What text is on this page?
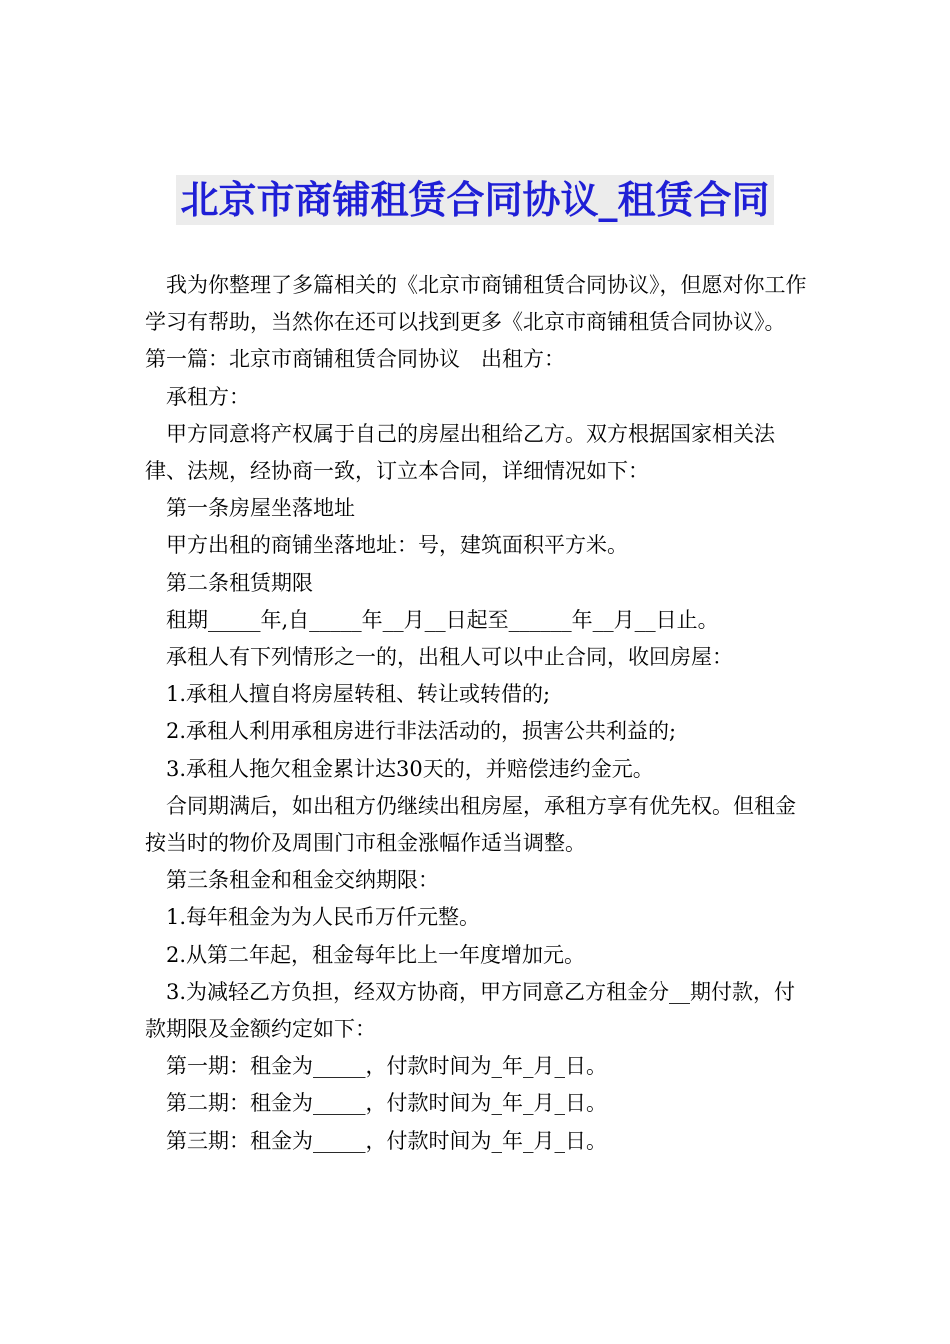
北京市商铺租赁合同协议_租赁合同

我为你整理了多篇相关的《北京市商铺租赁合同协议》，但愿对你工作学习有帮助，当然你在还可以找到更多《北京市商铺租赁合同协议》。

第一篇：北京市商铺租赁合同协议　出租方：

承租方：

甲方同意将产权属于自己的房屋出租给乙方。双方根据国家相关法律、法规，经协商一致，订立本合同，详细情况如下：

第一条房屋坐落地址

甲方出租的商铺坐落地址：号，建筑面积平方米。

第二条租赁期限

租期_____年,自_____年__月__日起至______年__月__日止。

承租人有下列情形之一的，出租人可以中止合同，收回房屋：

1.承租人擅自将房屋转租、转让或转借的;

2.承租人利用承租房进行非法活动的，损害公共利益的;

3.承租人拖欠租金累计达30天的，并赔偿违约金元。

合同期满后，如出租方仍继续出租房屋，承租方享有优先权。但租金按当时的物价及周围门市租金涨幅作适当调整。

第三条租金和租金交纳期限：

1.每年租金为为人民币万仟元整。

2.从第二年起，租金每年比上一年度增加元。

3.为减轻乙方负担，经双方协商，甲方同意乙方租金分__期付款，付款期限及金额约定如下：

第一期：租金为_____，付款时间为_年_月_日。

第二期：租金为_____，付款时间为_年_月_日。

第三期：租金为_____，付款时间为_年_月_日。
